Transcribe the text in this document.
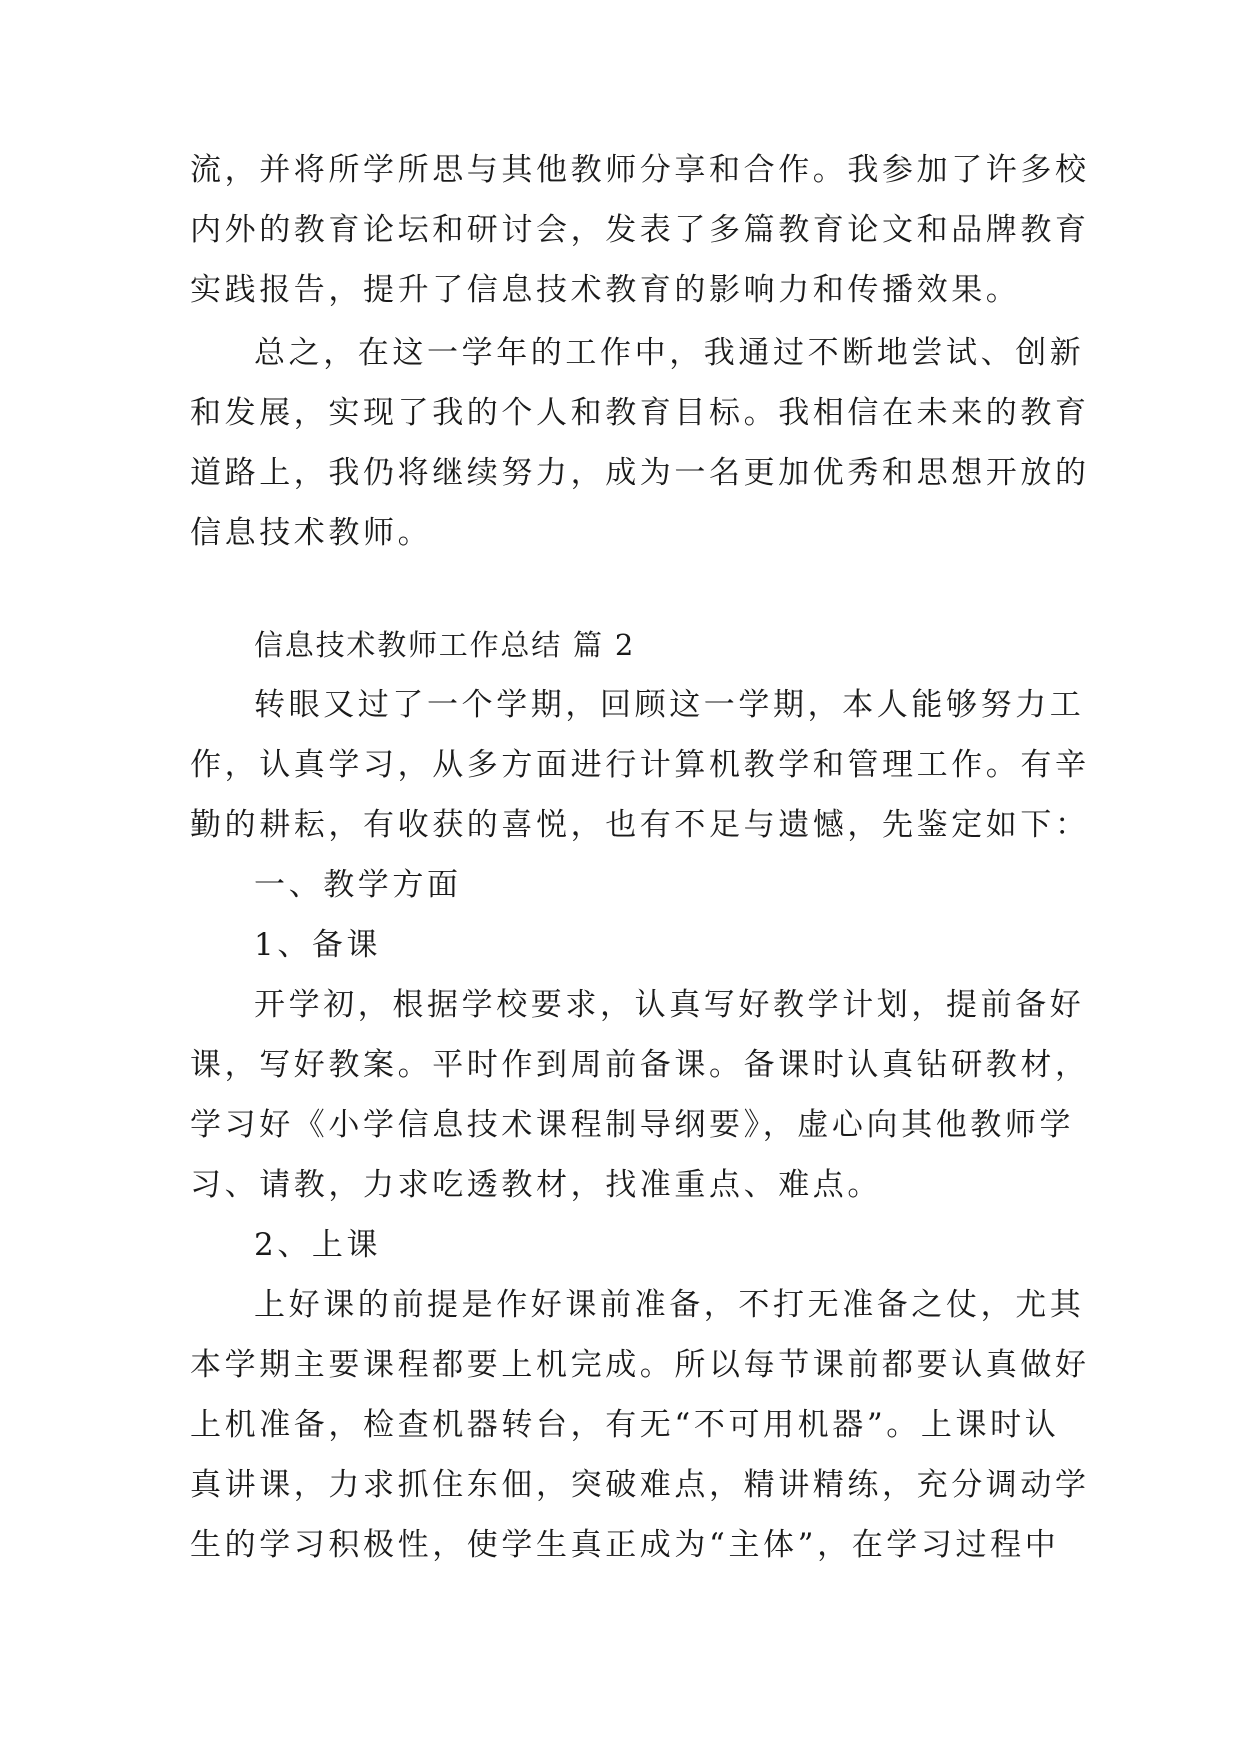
流，并将所学所思与其他教师分享和合作。我参加了许多校
内外的教育论坛和研讨会，发表了多篇教育论文和品牌教育
实践报告，提升了信息技术教育的影响力和传播效果。
总之，在这一学年的工作中，我通过不断地尝试、创新
和发展，实现了我的个人和教育目标。我相信在未来的教育
道路上，我仍将继续努力，成为一名更加优秀和思想开放的
信息技术教师。
信息技术教师工作总结 篇 2
转眼又过了一个学期，回顾这一学期，本人能够努力工
作，认真学习，从多方面进行计算机教学和管理工作。有辛
勤的耕耘，有收获的喜悦，也有不足与遗憾，先鉴定如下：
一、教学方面
1、备课
开学初，根据学校要求，认真写好教学计划，提前备好
课，写好教案。平时作到周前备课。备课时认真钻研教材，
学习好《小学信息技术课程制导纲要》，虚心向其他教师学
习、请教，力求吃透教材，找准重点、难点。
2、上课
上好课的前提是作好课前准备，不打无准备之仗，尤其
本学期主要课程都要上机完成。所以每节课前都要认真做好
上机准备，检查机器转台，有无“不可用机器”。上课时认
真讲课，力求抓住东佃，突破难点，精讲精练，充分调动学
生的学习积极性，使学生真正成为“主体”，在学习过程中
